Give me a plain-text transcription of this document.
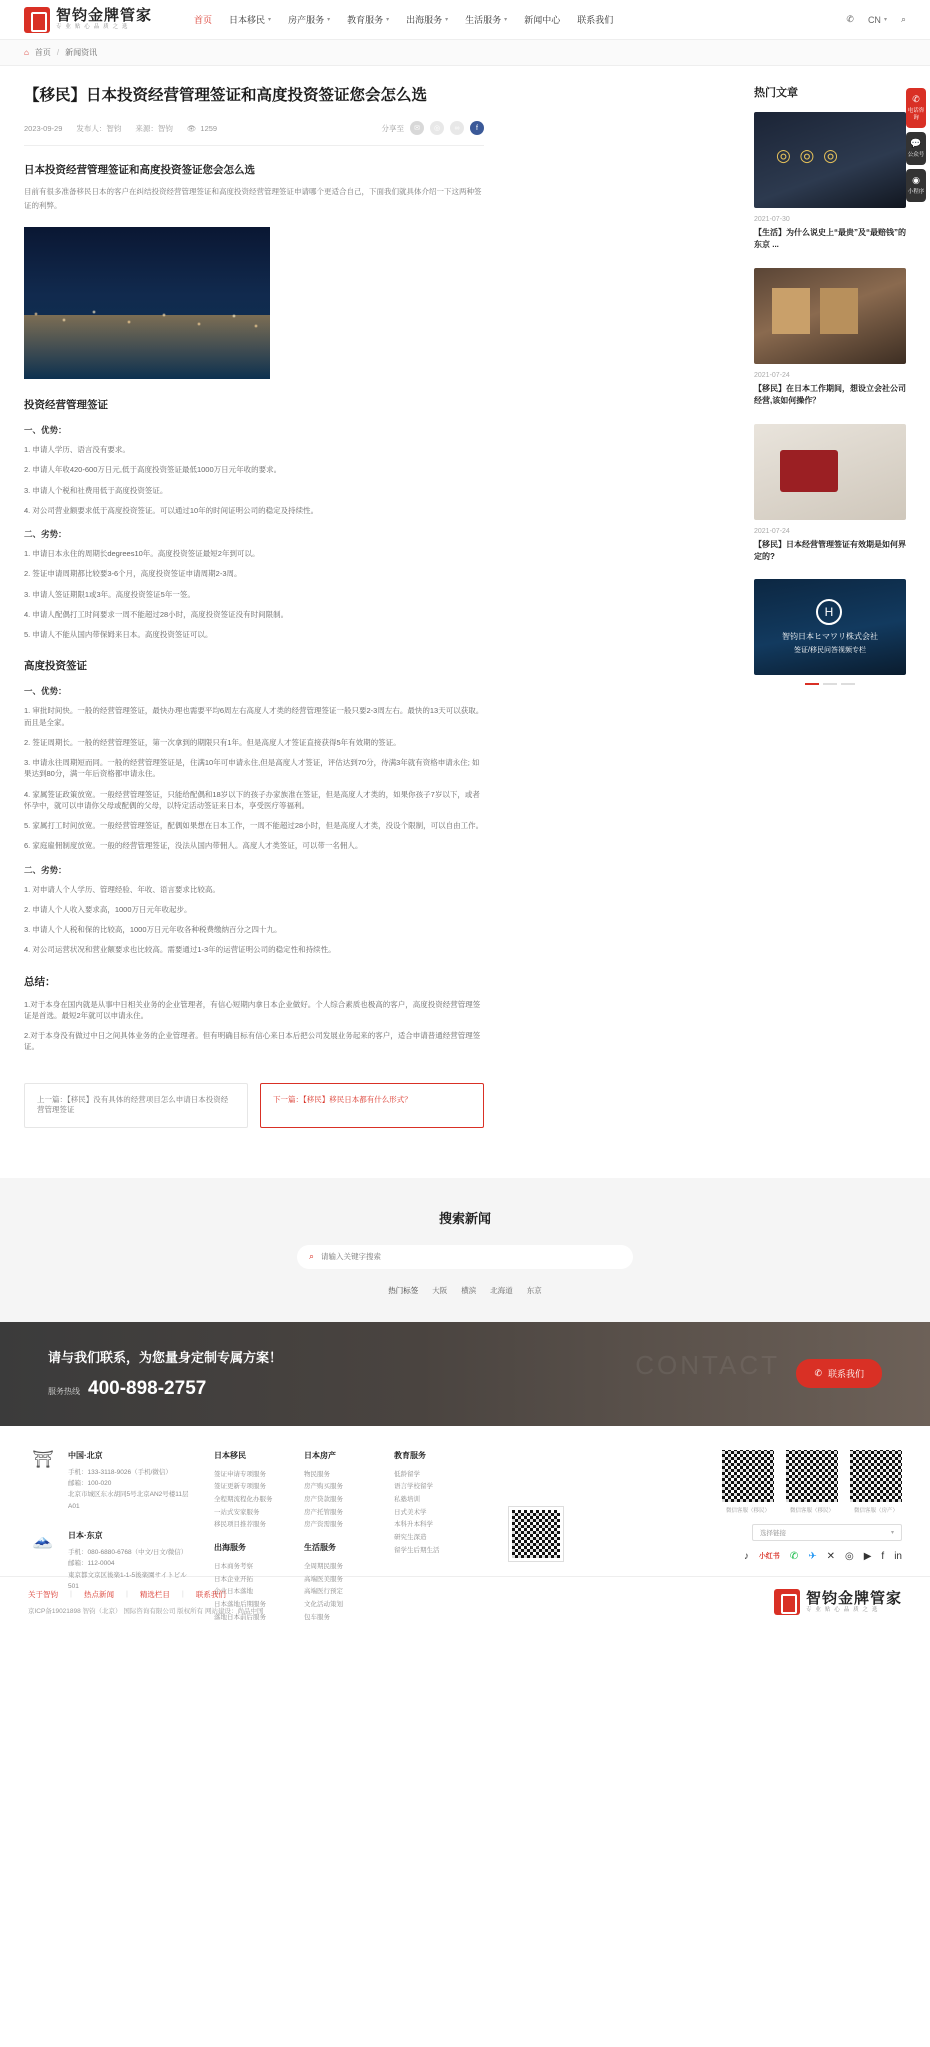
智钧金牌管家
专 业 贴 心 品 质 之 选
首页 日本移民 ▾ 房产服务 ▾ 教育服务 ▾ 出海服务 ▾ 生活服务 ▾ 新闻中心 联系我们	✆ CN ▾ ⌕
⌂ 首页 / 新闻资讯
✆
电话咨询
💬
公众号
◉
小程序
【移民】日本投资经营管理签证和高度投资签证您会怎么选
2023-09-29 发布人：智钧 来源：智钧 👁 1259	分享至	✉	◎	∞	f
日本投资经营管理签证和高度投资签证您会怎么选

目前有很多准备移民日本的客户在纠结投资经营管理签证和高度投资经营管理签证申请哪个更适合自己，下面我们就具体介绍一下这两种签证的利弊。

投资经营管理签证
一、优势：
1. 申请人学历、语言没有要求。
2. 申请人年收420-600万日元,低于高度投资签证最低1000万日元年收的要求。
3. 申请人个税和社费用低于高度投资签证。
4. 对公司营业额要求低于高度投资签证。可以通过10年的时间证明公司的稳定及持续性。
二、劣势：
1. 申请日本永住的周期长degrees10年。高度投资签证最短2年到可以。
2. 签证申请周期都比较要3-6个月，高度投资签证申请周期2-3周。
3. 申请人签证期限1或3年。高度投资签证5年一签。
4. 申请人配偶打工时间要求一周不能超过28小时，高度投资签证没有时间限制。
5. 申请人不能从国内带保姆来日本。高度投资签证可以。
高度投资签证
一、优势：
1. 审批时间快。一般的经营管理签证，最快办理也需要平均6周左右高度人才类的经营管理签证一般只要2-3周左右。最快的13天可以获取。而且是全家。
2. 签证周期长。一般的经营管理签证，第一次拿到的期限只有1年。但是高度人才签证直接获得5年有效期的签证。
3. 申请永往周期短而同。一般的经营管理签证是，住满10年可申请永住,但是高度人才签证，评估达到70分，待满3年就有资格申请永住; 如果达到80分，满一年后资格都申请永住。
4. 家属签证政策放宽。一般经营管理签证，只能给配偶和18岁以下的孩子办家族准在签证，但是高度人才类的，如果你孩子7岁以下，或者怀孕中，就可以申请你父母或配偶的父母，以特定活动签证来日本，享受医疗等福利。
5. 家属打工时间放宽。一般经营管理签证，配偶如果想在日本工作，一周不能超过28小时，但是高度人才类，没设个限制，可以自由工作。
6. 家庭雇佣制度放宽。一般的经营管理签证，没法从国内带佣人。高度人才类签证，可以带一名佣人。
二、劣势：
1. 对申请人个人学历、管理经验、年收、语言要求比较高。
2. 申请人个人收入要求高，1000万日元年收起步。
3. 申请人个人税和保的比较高，1000万日元年收各种税费缴纳百分之四十九。
4. 对公司运营状况和营业额要求也比较高。需要通过1-3年的运营证明公司的稳定性和持续性。
总结：
1.对于本身在国内就是从事中日相关业务的企业管理者，有信心短期内拿日本企业做好。个人综合素质也极高的客户，高度投资经营管理签证是首选。最短2年就可以申请永住。
2.对于本身没有做过中日之间具体业务的企业管理者。但有明确目标有信心来日本后把公司发展业务起来的客户，适合申请普通经营管理签证。
上一篇：【移民】没有具体的经营项目怎么申请日本投资经营管理签证
下一篇：【移民】移民日本都有什么形式？
热门文章
◎ ◎ ◎
2021-07-30
【生活】为什么说史上“最贵”及“最赔钱”的东京 ...
2021-07-24
【移民】在日本工作期间，想设立会社公司经营,该如何操作？
2021-07-24
【移民】日本经营管理签证有效期是如何界定的?
H
智钧日本ヒマワリ株式会社
签证/移民问答视频专栏
搜索新闻
⌕
请输入关键字搜索
热门标签 大阪 横滨 北海道 东京
请与我们联系，为您量身定制专属方案！
服务热线 400-898-2757
✆ 联系我们
CONTACT
⛩	中国·北京
手机：133-3118-9026（手机/微信）
邮箱：100-020
北京市城区东水胡同5号北京AN2号楼11层A01
🗻	日本·东京
手机：080-6880-6768（中文/日文/微信）
邮箱：112-0004
東京都文京区後楽1-1-5後楽園サイトビル501
日本移民
签证申请专项服务
签证更新专项服务
全程期流程化办服务
一站式安家服务
移民项目推荐服务
出海服务
日本商务考察
日本企业开拓
企业日本落地
日本落地后期服务
落地日本前后服务
日本房产
物民服务
房产购买服务
房产贷款服务
房产托管服务
房产资需服务
生活服务
全周期民服务
高端医美服务
高端医行预定
文化活动策划
包车服务
教育服务
低龄留学
语言学校留学
私塾培训
日式美术学
本科升本科学
研究生深造
留学生后期生活
微信客服（移民）	微信客服（移民）	微信客服（房产）
选择链接	▾
♪ 小红书 ✆ ✈ ✕ ◎ ▶ f in
关于智钧 | 热点新闻 | 精选栏目 | 联系我们
京ICP备19021898 智钧（北京） 国际咨询有限公司 版权所有 网站建设：尚品中国
智钧金牌管家
专 业 贴 心 品 质 之 选
